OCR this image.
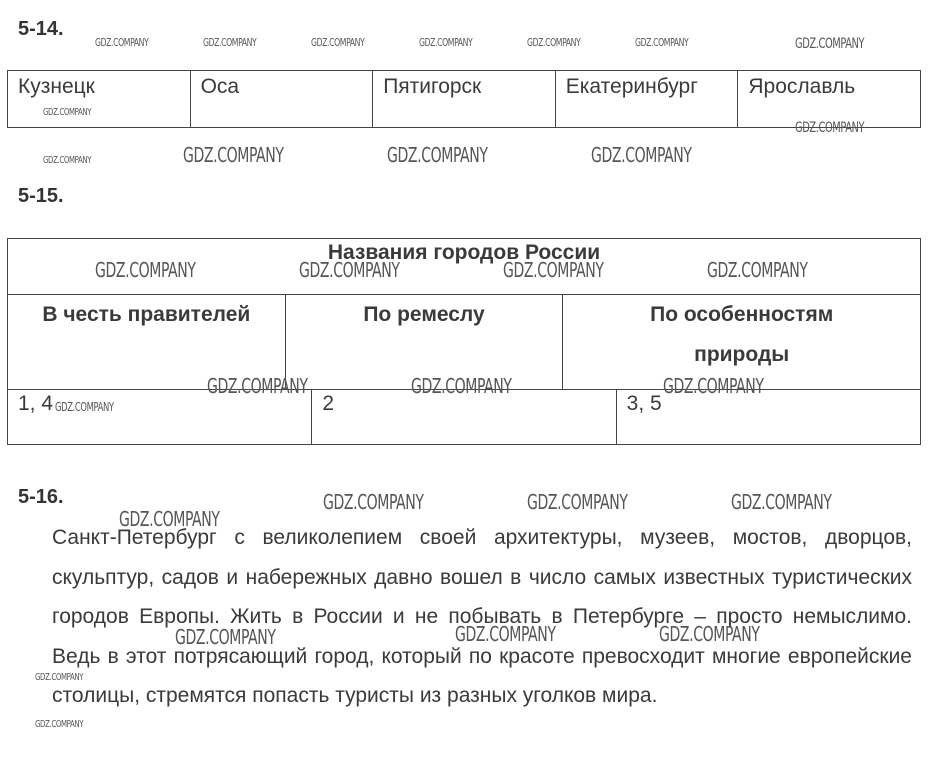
5-14.
Кузнецк	Оса	Пятигорск	Екатеринбург	Ярославль
5-15.
Названия городов России
В честь правителей	По ремеслу	По особенностям природы
1, 4	2	3, 5
5-16.
Санкт-Петербург с великолепием своей архитектуры, музеев, мостов, дворцов, скульптур, садов и набережных давно вошел в число самых известных туристических городов Европы. Жить в России и не побывать в Петербурге – просто немыслимо. Ведь в этот потрясающий город, который по красоте превосходит многие европейские столицы, стремятся попасть туристы из разных уголков мира.
GDZ.COMPANY	GDZ.COMPANY	GDZ.COMPANY	GDZ.COMPANY	GDZ.COMPANY	GDZ.COMPANY	GDZ.COMPANY
GDZ.COMPANY
GDZ.COMPANY
GDZ.COMPANY	GDZ.COMPANY	GDZ.COMPANY	GDZ.COMPANY
GDZ.COMPANY	GDZ.COMPANY	GDZ.COMPANY	GDZ.COMPANY
GDZ.COMPANY	GDZ.COMPANY	GDZ.COMPANY
GDZ.COMPANY
GDZ.COMPANY	GDZ.COMPANY	GDZ.COMPANY
GDZ.COMPANY
GDZ.COMPANY	GDZ.COMPANY	GDZ.COMPANY
GDZ.COMPANY
GDZ.COMPANY
